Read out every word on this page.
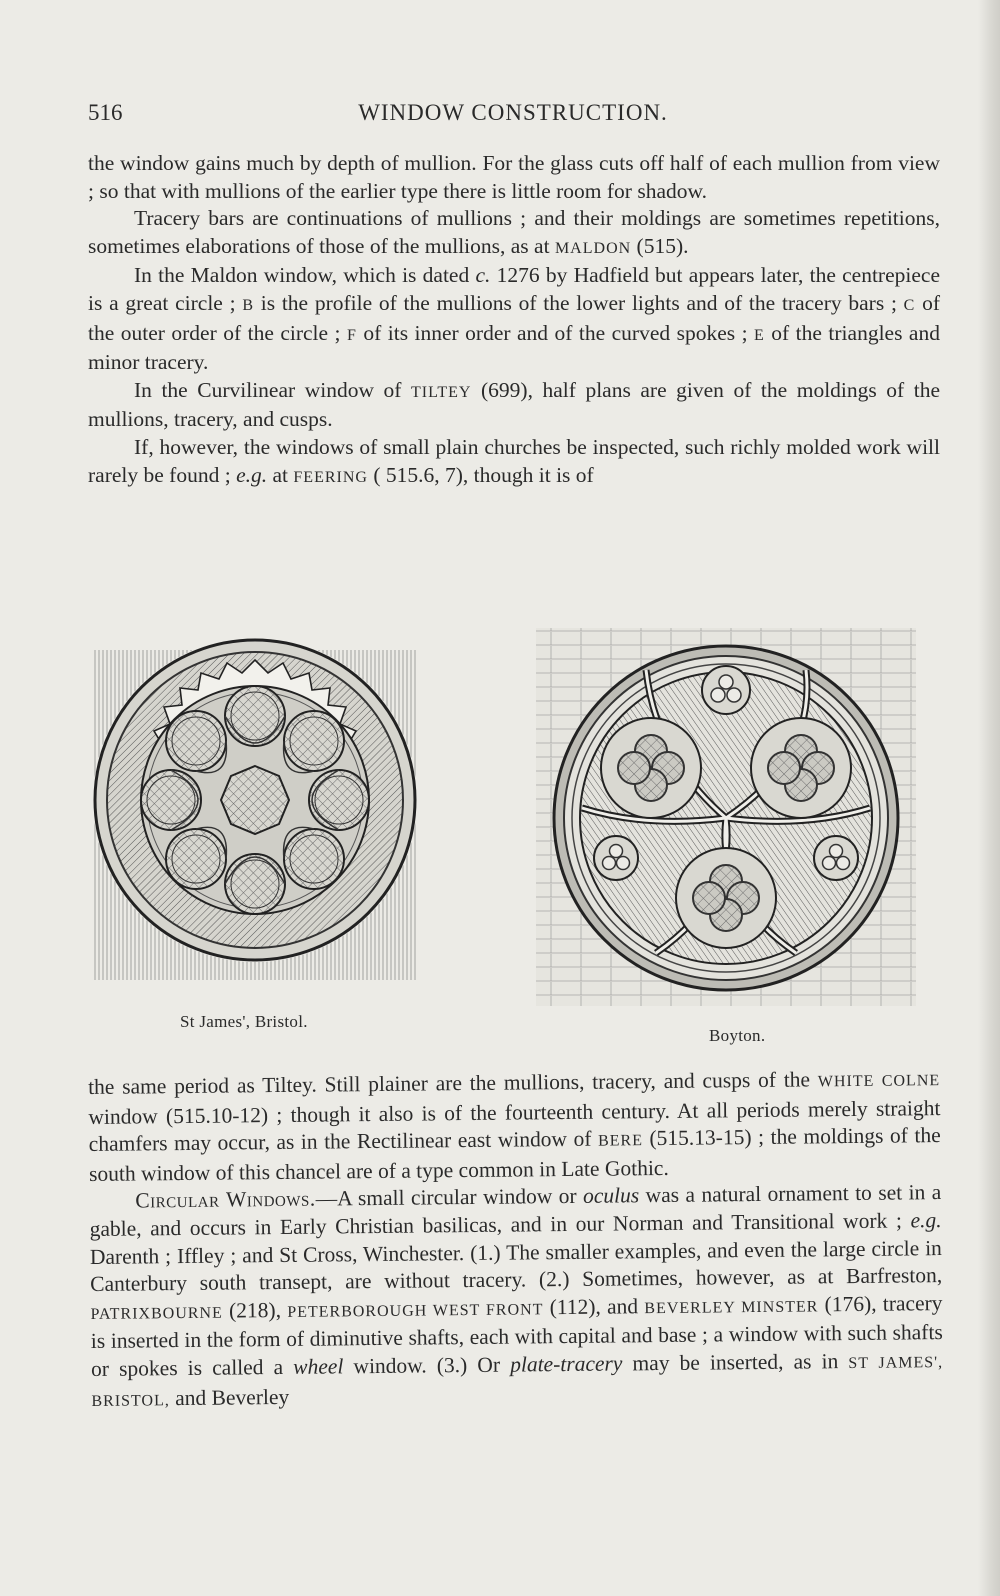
516	WINDOW CONSTRUCTION.

the window gains much by depth of mullion. For the glass cuts off half of each mullion from view ; so that with mullions of the earlier type there is little room for shadow.

Tracery bars are continuations of mullions ; and their moldings are sometimes repetitions, sometimes elaborations of those of the mullions, as at MALDON (515).

In the Maldon window, which is dated c. 1276 by Hadfield but appears later, the centrepiece is a great circle ; B is the profile of the mullions of the lower lights and of the tracery bars ; C of the outer order of the circle ; F of its inner order and of the curved spokes ; E of the triangles and minor tracery.

In the Curvilinear window of TILTEY (699), half plans are given of the moldings of the mullions, tracery, and cusps.

If, however, the windows of small plain churches be inspected, such richly molded work will rarely be found ; e.g. at FEERING ( 515.6, 7), though it is of

St James', Bristol.
Boyton.

the same period as Tiltey. Still plainer are the mullions, tracery, and cusps of the WHITE COLNE window (515.10-12) ; though it also is of the fourteenth century. At all periods merely straight chamfers may occur, as in the Rectilinear east window of BERE (515.13-15) ; the moldings of the south window of this chancel are of a type common in Late Gothic.

Circular Windows.—A small circular window or oculus was a natural ornament to set in a gable, and occurs in Early Christian basilicas, and in our Norman and Transitional work ; e.g. Darenth ; Iffley ; and St Cross, Winchester. (1.) The smaller examples, and even the large circle in Canterbury south transept, are without tracery. (2.) Sometimes, however, as at Barfreston, PATRIXBOURNE (218), PETERBOROUGH WEST FRONT (112), and BEVERLEY MINSTER (176), tracery is inserted in the form of diminutive shafts, each with capital and base ; a window with such shafts or spokes is called a wheel window. (3.) Or plate-tracery may be inserted, as in ST JAMES', BRISTOL, and Beverley
